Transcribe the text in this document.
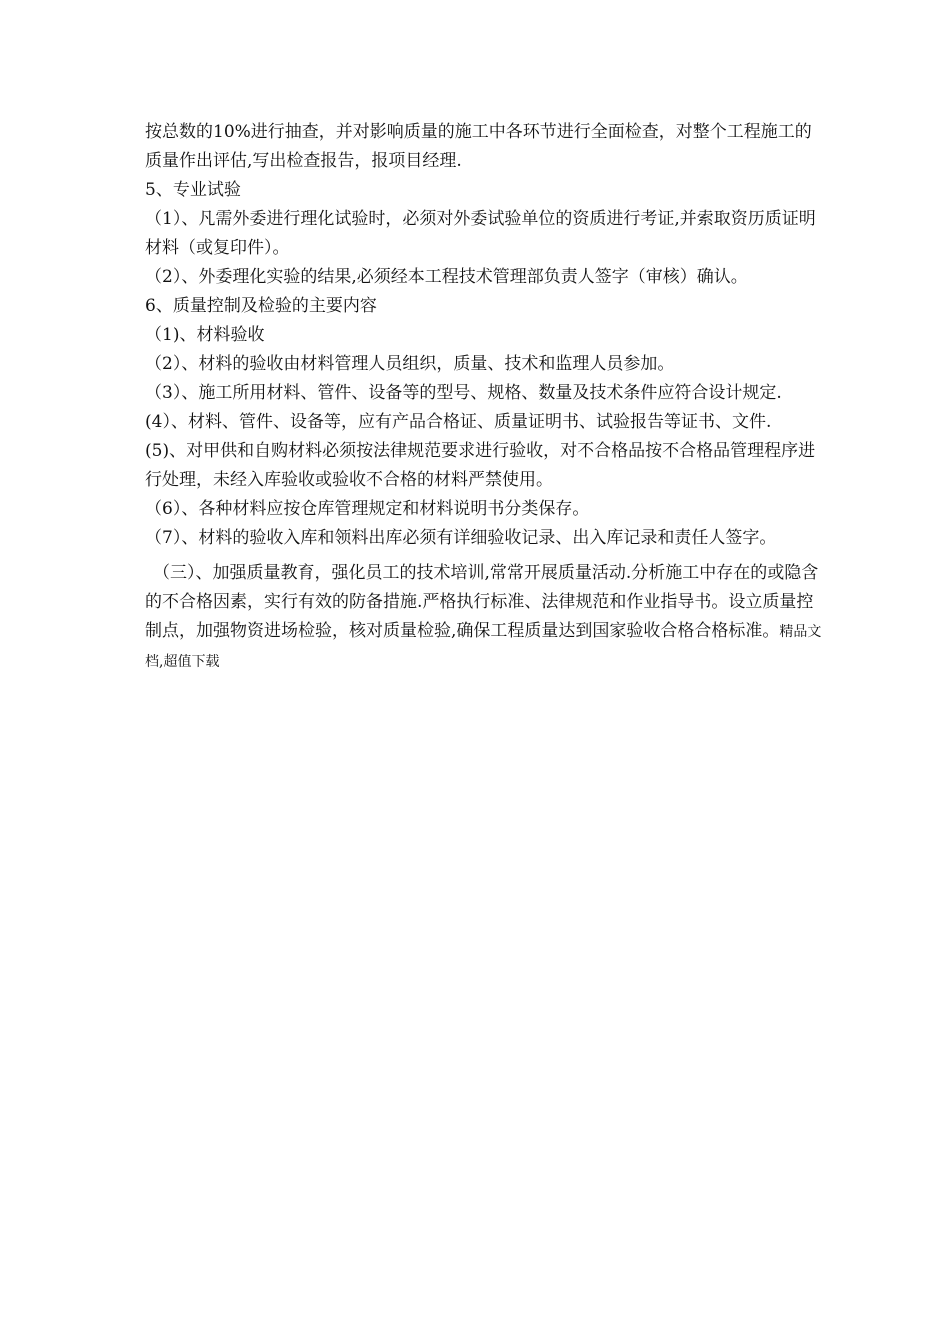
按总数的10%进行抽查，并对影响质量的施工中各环节进行全面检查，对整个工程施工的质量作出评估,写出检查报告，报项目经理.

5、专业试验

（1）、凡需外委进行理化试验时，必须对外委试验单位的资质进行考证,并索取资历质证明材料（或复印件）。

（2）、外委理化实验的结果,必须经本工程技术管理部负责人签字（审核）确认。

6、质量控制及检验的主要内容

（1)、材料验收

（2）、材料的验收由材料管理人员组织，质量、技术和监理人员参加。

（3）、施工所用材料、管件、设备等的型号、规格、数量及技术条件应符合设计规定.

(4）、材料、管件、设备等，应有产品合格证、质量证明书、试验报告等证书、文件.

(5)、对甲供和自购材料必须按法律规范要求进行验收，对不合格品按不合格品管理程序进行处理，未经入库验收或验收不合格的材料严禁使用。

（6）、各种材料应按仓库管理规定和材料说明书分类保存。

（7）、材料的验收入库和领料出库必须有详细验收记录、出入库记录和责任人签字。

（三）、加强质量教育，强化员工的技术培训,常常开展质量活动.分析施工中存在的或隐含的不合格因素，实行有效的防备措施.严格执行标准、法律规范和作业指导书。设立质量控制点，加强物资进场检验，核对质量检验,确保工程质量达到国家验收合格合格标准。精品文档,超值下载
